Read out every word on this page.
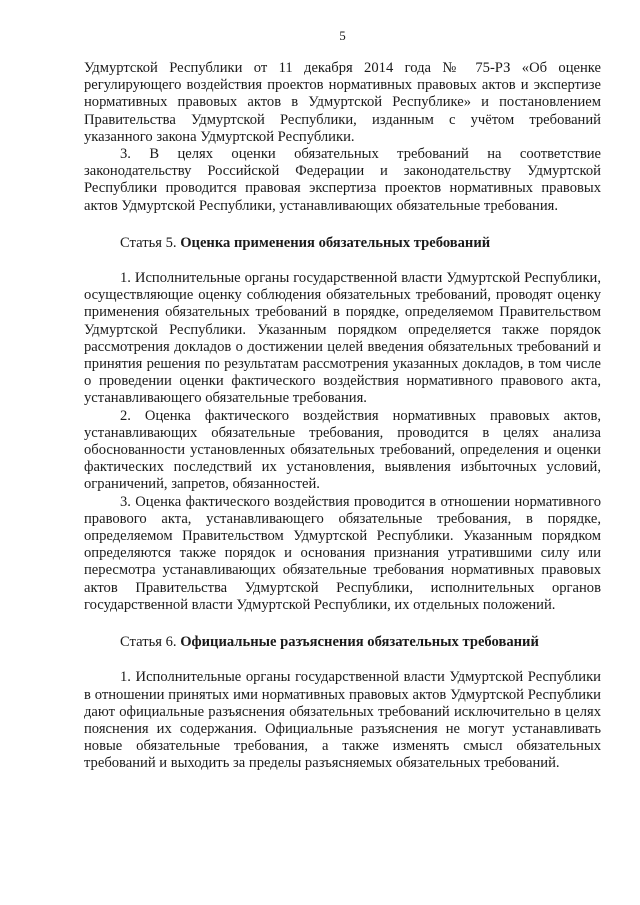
5

Удмуртской Республики от 11 декабря 2014 года № 75-РЗ «Об оценке регулирующего воздействия проектов нормативных правовых актов и экспертизе нормативных правовых актов в Удмуртской Республике» и постановлением Правительства Удмуртской Республики, изданным с учётом требований указанного закона Удмуртской Республики.

3. В целях оценки обязательных требований на соответствие законодательству Российской Федерации и законодательству Удмуртской Республики проводится правовая экспертиза проектов нормативных правовых актов Удмуртской Республики, устанавливающих обязательные требования.

Статья 5. Оценка применения обязательных требований

1. Исполнительные органы государственной власти Удмуртской Республики, осуществляющие оценку соблюдения обязательных требований, проводят оценку применения обязательных требований в порядке, определяемом Правительством Удмуртской Республики. Указанным порядком определяется также порядок рассмотрения докладов о достижении целей введения обязательных требований и принятия решения по результатам рассмотрения указанных докладов, в том числе о проведении оценки фактического воздействия нормативного правового акта, устанавливающего обязательные требования.

2. Оценка фактического воздействия нормативных правовых актов, устанавливающих обязательные требования, проводится в целях анализа обоснованности установленных обязательных требований, определения и оценки фактических последствий их установления, выявления избыточных условий, ограничений, запретов, обязанностей.

3. Оценка фактического воздействия проводится в отношении нормативного правового акта, устанавливающего обязательные требования, в порядке, определяемом Правительством Удмуртской Республики. Указанным порядком определяются также порядок и основания признания утратившими силу или пересмотра устанавливающих обязательные требования нормативных правовых актов Правительства Удмуртской Республики, исполнительных органов государственной власти Удмуртской Республики, их отдельных положений.

Статья 6. Официальные разъяснения обязательных требований

1. Исполнительные органы государственной власти Удмуртской Республики в отношении принятых ими нормативных правовых актов Удмуртской Республики дают официальные разъяснения обязательных требований исключительно в целях пояснения их содержания. Официальные разъяснения не могут устанавливать новые обязательные требования, а также изменять смысл обязательных требований и выходить за пределы разъясняемых обязательных требований.
